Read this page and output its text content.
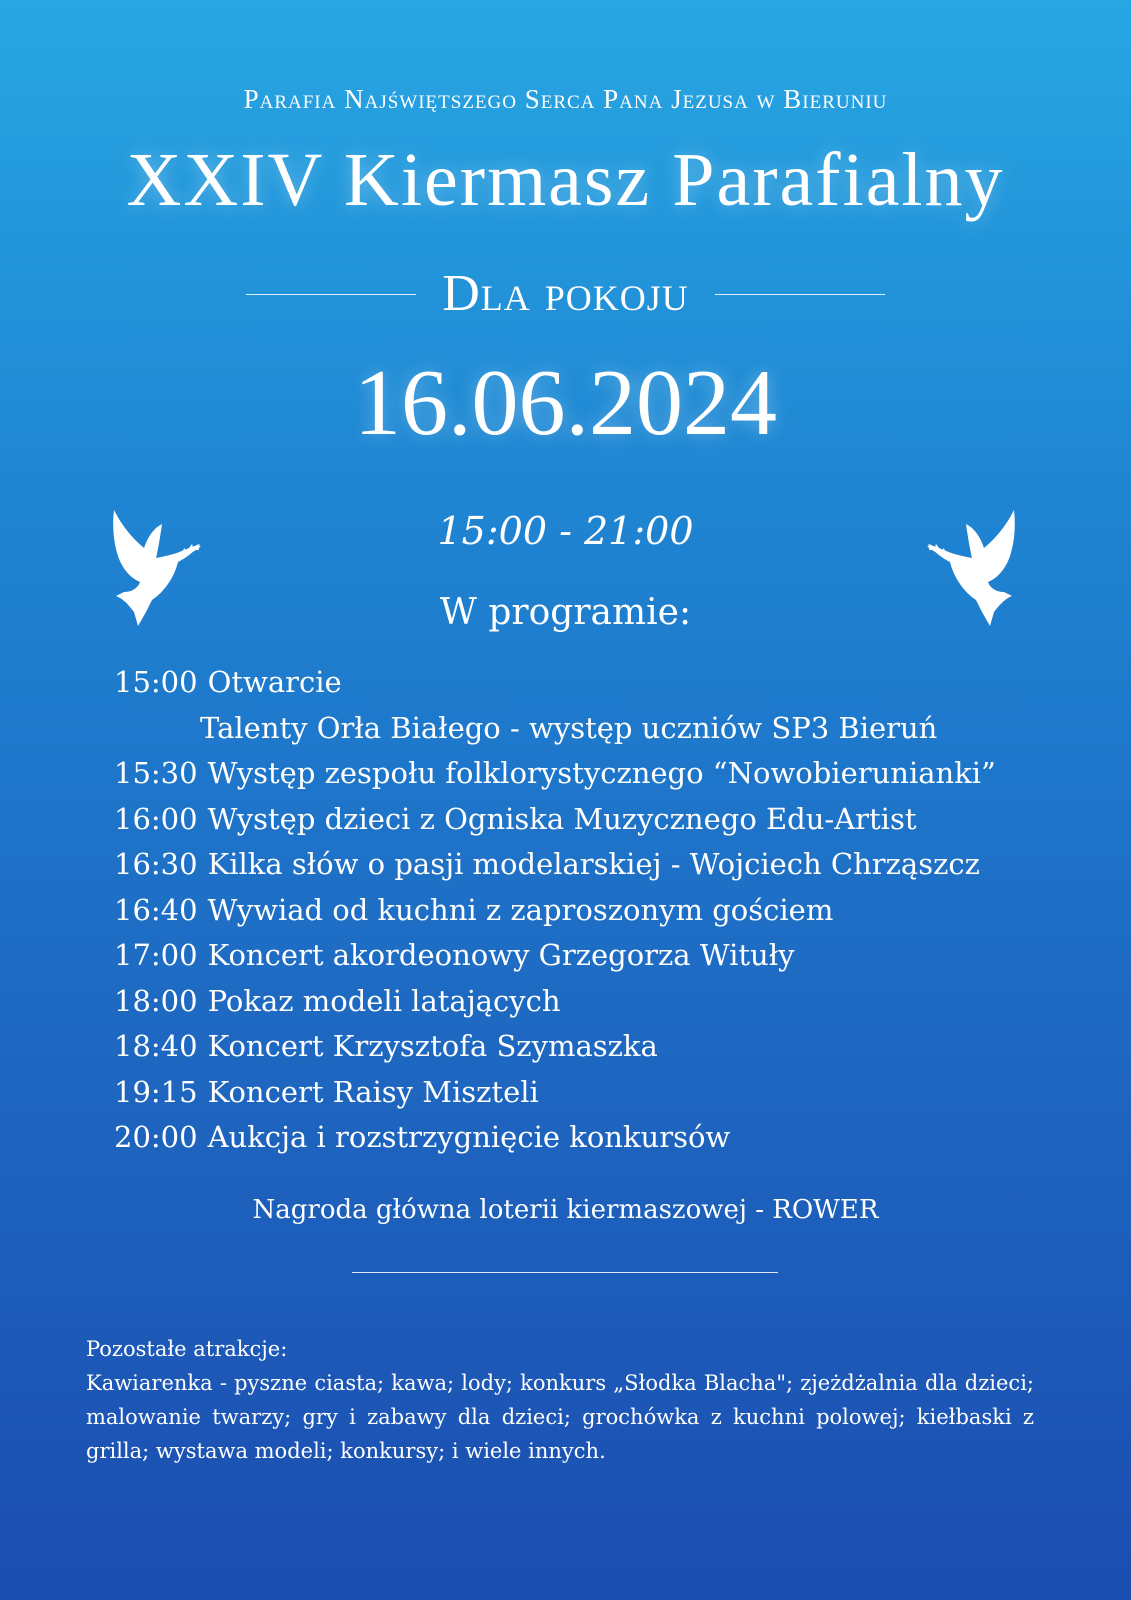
Parafia Najświętszego Serca Pana Jezusa w Bieruniu
XXIV Kiermasz Parafialny
Dla pokoju
16.06.2024
15:00 - 21:00
W programie:
15:00 Otwarcie
Talenty Orła Białego - występ uczniów SP3 Bieruń
15:30 Występ zespołu folklorystycznego “Nowobierunianki”
16:00 Występ dzieci z Ogniska Muzycznego Edu-Artist
16:30 Kilka słów o pasji modelarskiej - Wojciech Chrząszcz
16:40 Wywiad od kuchni z zaproszonym gościem
17:00 Koncert akordeonowy Grzegorza Wituły
18:00 Pokaz modeli latających
18:40 Koncert Krzysztofa Szymaszka
19:15 Koncert Raisy Miszteli
20:00 Aukcja i rozstrzygnięcie konkursów
Nagroda główna loterii kiermaszowej - ROWER
Pozostałe atrakcje:
Kawiarenka - pyszne ciasta; kawa; lody; konkurs „Słodka Blacha"; zjeżdżalnia dla dzieci; malowanie twarzy; gry i zabawy dla dzieci; grochówka z kuchni polowej; kiełbaski z grilla; wystawa modeli; konkursy; i wiele innych.
